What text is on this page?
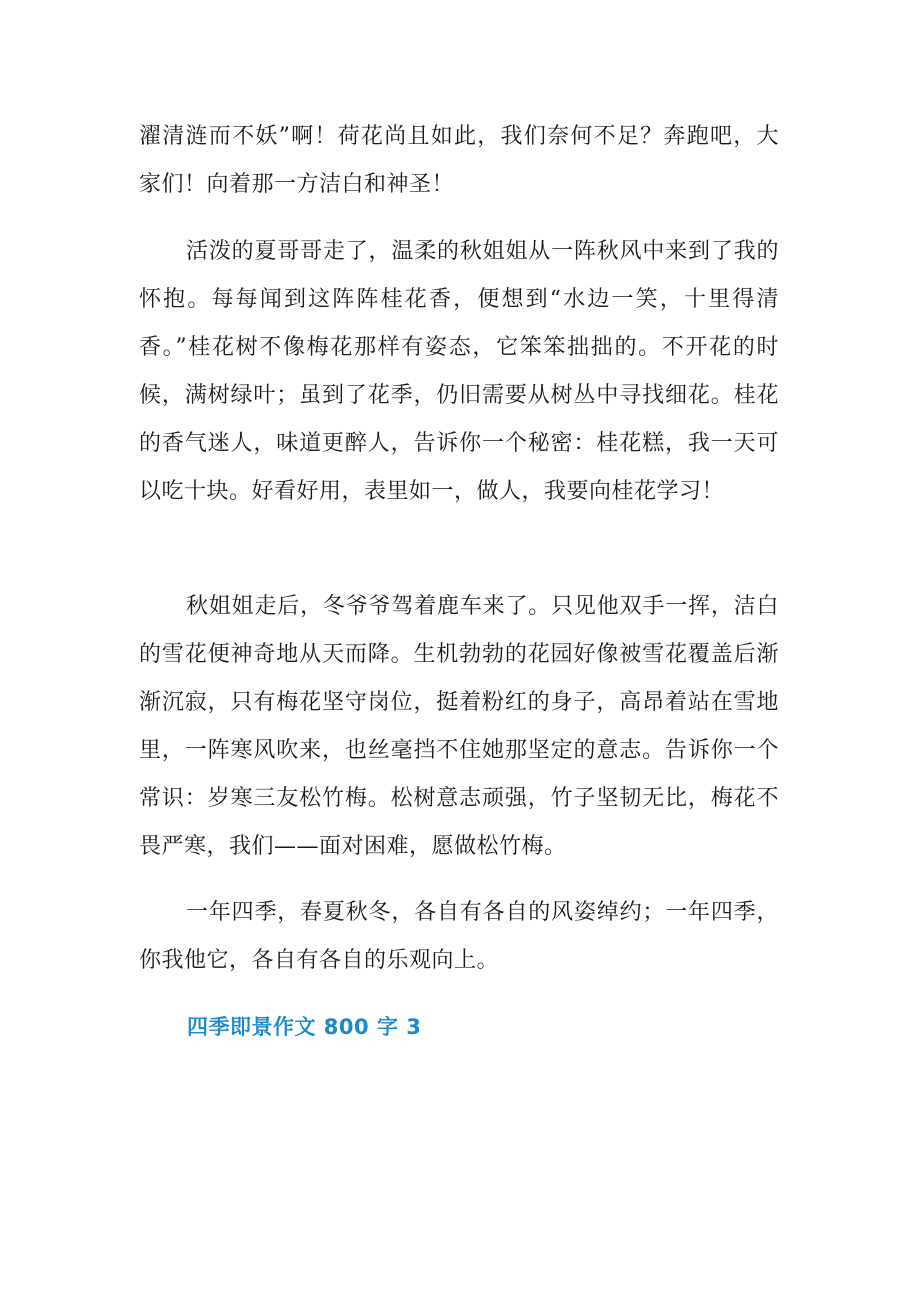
濯清涟而不妖”啊！荷花尚且如此，我们奈何不足？奔跑吧，大家们！向着那一方洁白和神圣！

活泼的夏哥哥走了，温柔的秋姐姐从一阵秋风中来到了我的怀抱。每每闻到这阵阵桂花香，便想到“水边一笑，十里得清香。”桂花树不像梅花那样有姿态，它笨笨拙拙的。不开花的时候，满树绿叶；虽到了花季，仍旧需要从树丛中寻找细花。桂花的香气迷人，味道更醉人，告诉你一个秘密：桂花糕，我一天可以吃十块。好看好用，表里如一，做人，我要向桂花学习！

秋姐姐走后，冬爷爷驾着鹿车来了。只见他双手一挥，洁白的雪花便神奇地从天而降。生机勃勃的花园好像被雪花覆盖后渐渐沉寂，只有梅花坚守岗位，挺着粉红的身子，高昂着站在雪地里，一阵寒风吹来，也丝毫挡不住她那坚定的意志。告诉你一个常识：岁寒三友松竹梅。松树意志顽强，竹子坚韧无比，梅花不畏严寒，我们——面对困难，愿做松竹梅。

一年四季，春夏秋冬，各自有各自的风姿绰约；一年四季，你我他它，各自有各自的乐观向上。

四季即景作文 800 字 3
